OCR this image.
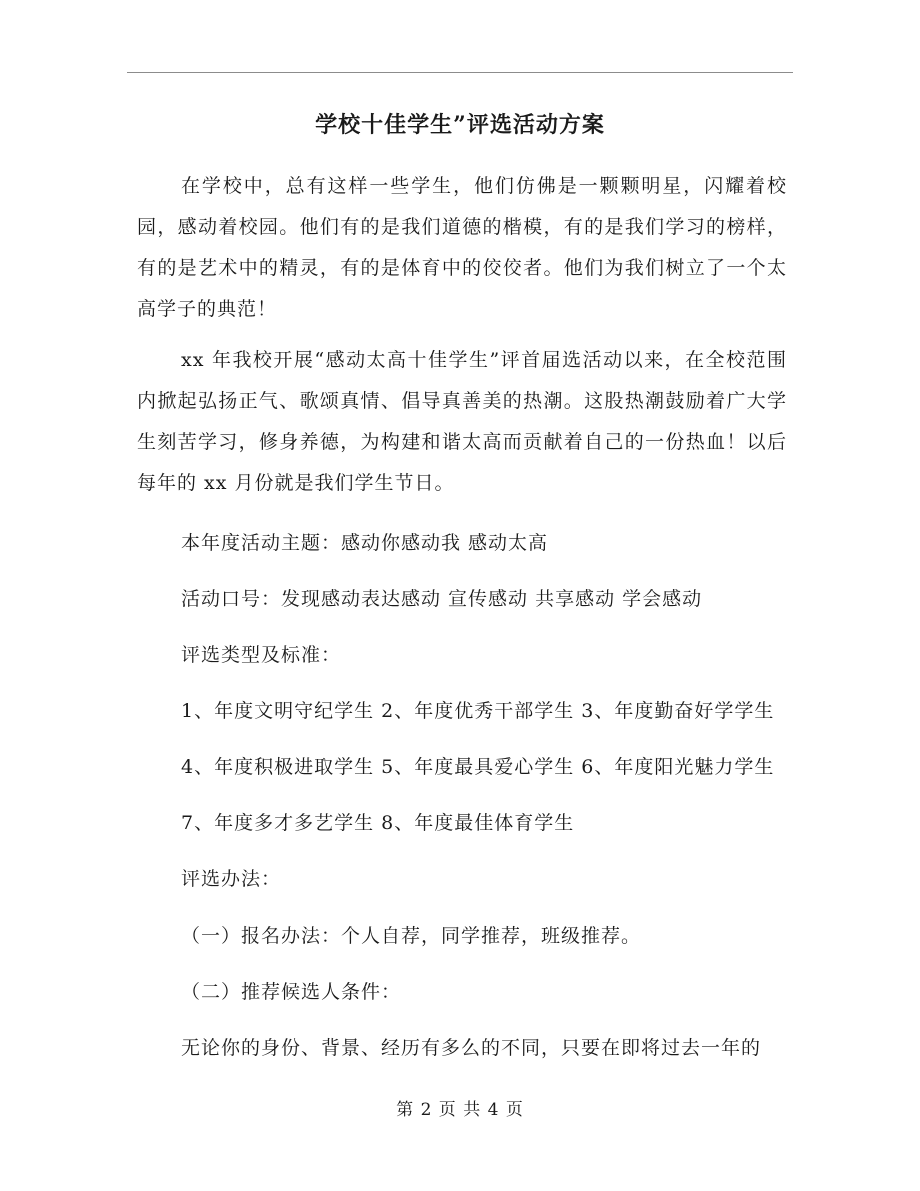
学校十佳学生”评选活动方案

在学校中，总有这样一些学生，他们仿佛是一颗颗明星，闪耀着校园，感动着校园。他们有的是我们道德的楷模，有的是我们学习的榜样，有的是艺术中的精灵，有的是体育中的佼佼者。他们为我们树立了一个太高学子的典范！

xx 年我校开展“感动太高十佳学生”评首届选活动以来，在全校范围内掀起弘扬正气、歌颂真情、倡导真善美的热潮。这股热潮鼓励着广大学生刻苦学习，修身养德，为构建和谐太高而贡献着自己的一份热血！以后每年的 xx 月份就是我们学生节日。

本年度活动主题：感动你感动我 感动太高
活动口号：发现感动表达感动 宣传感动 共享感动 学会感动
评选类型及标准：
1、年度文明守纪学生 2、年度优秀干部学生 3、年度勤奋好学学生
4、年度积极进取学生 5、年度最具爱心学生 6、年度阳光魅力学生
7、年度多才多艺学生 8、年度最佳体育学生
评选办法：
（一）报名办法：个人自荐，同学推荐，班级推荐。
（二）推荐候选人条件：
无论你的身份、背景、经历有多么的不同，只要在即将过去一年的
第 2 页 共 4 页
